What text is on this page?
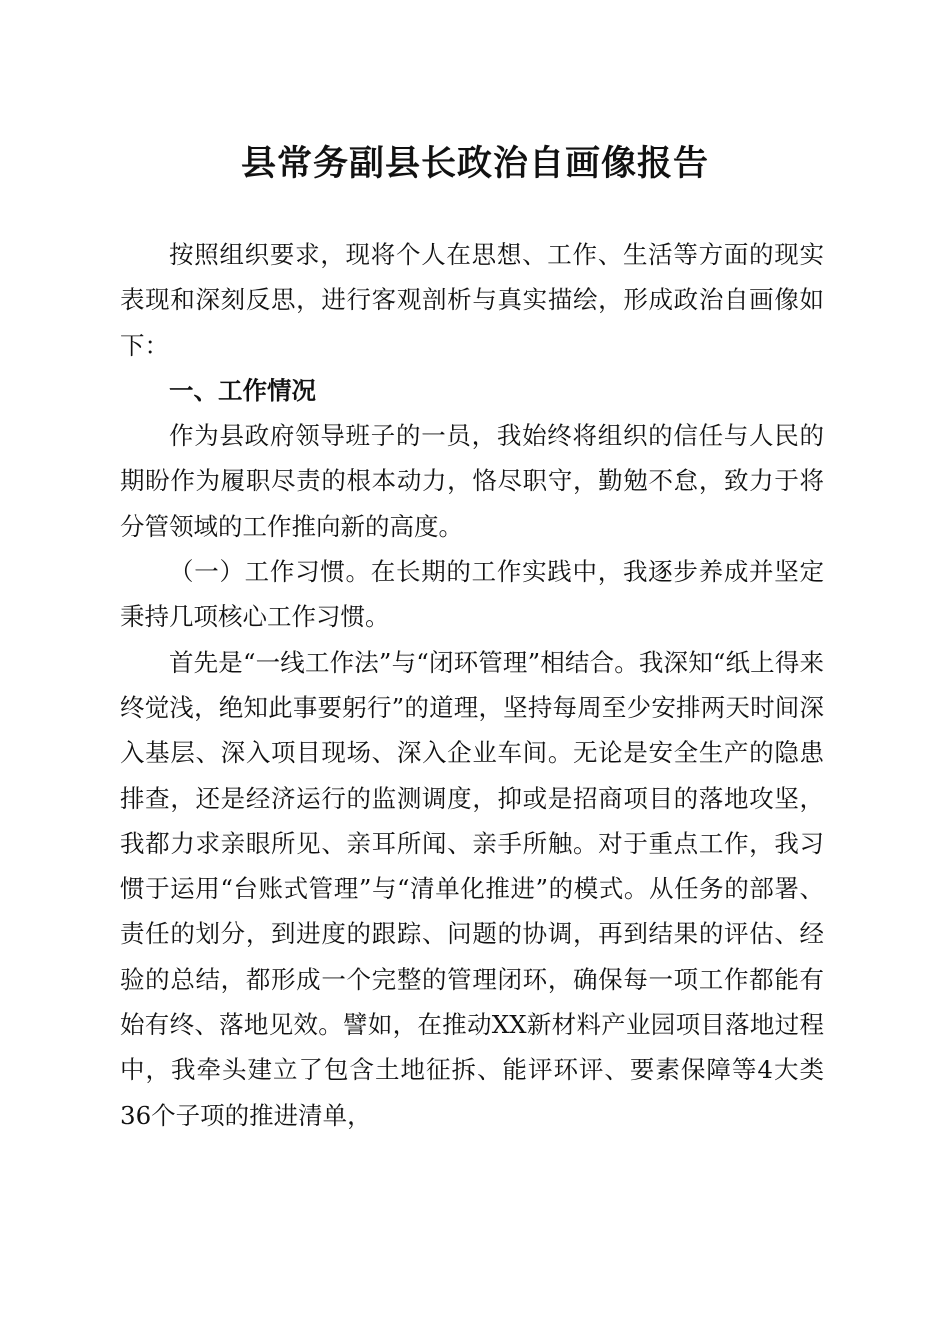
县常务副县长政治自画像报告

按照组织要求，现将个人在思想、工作、生活等方面的现实表现和深刻反思，进行客观剖析与真实描绘，形成政治自画像如下：

一、工作情况

作为县政府领导班子的一员，我始终将组织的信任与人民的期盼作为履职尽责的根本动力，恪尽职守，勤勉不怠，致力于将分管领域的工作推向新的高度。

（一）工作习惯。在长期的工作实践中，我逐步养成并坚定秉持几项核心工作习惯。

首先是“一线工作法”与“闭环管理”相结合。我深知“纸上得来终觉浅，绝知此事要躬行”的道理，坚持每周至少安排两天时间深入基层、深入项目现场、深入企业车间。无论是安全生产的隐患排查，还是经济运行的监测调度，抑或是招商项目的落地攻坚，我都力求亲眼所见、亲耳所闻、亲手所触。对于重点工作，我习惯于运用“台账式管理”与“清单化推进”的模式。从任务的部署、责任的划分，到进度的跟踪、问题的协调，再到结果的评估、经验的总结，都形成一个完整的管理闭环，确保每一项工作都能有始有终、落地见效。譬如，在推动XX新材料产业园项目落地过程中，我牵头建立了包含土地征拆、能评环评、要素保障等4大类36个子项的推进清单，
